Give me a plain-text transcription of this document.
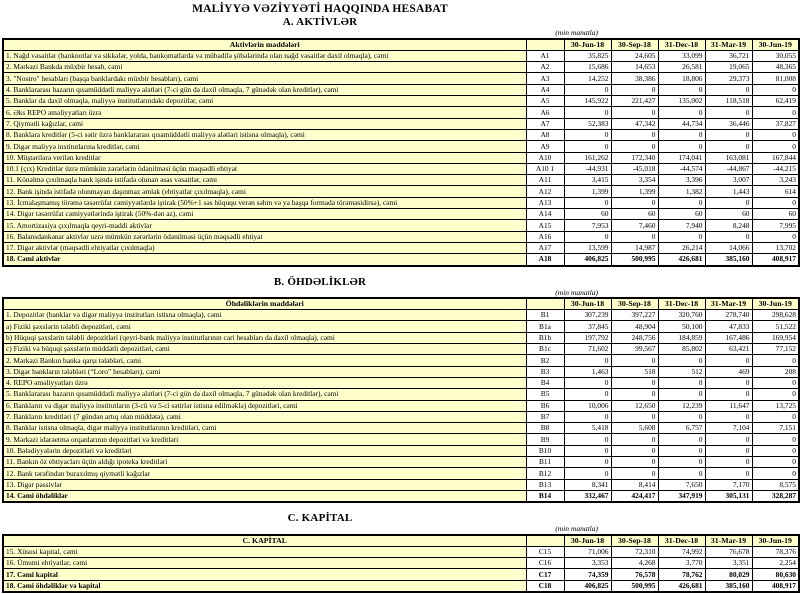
MALİYYƏ VƏZİYYƏTİ HAQQINDA HESABAT
A. AKTİVLƏR
(min manatla)
Aktivlərin maddələri		30-Jun-18	30-Sep-18	31-Dec-18	31-Mar-19	30-Jun-19
1. Nağd vəsaitlər (banknotlar və sikkələr, yolda, bankomatlarda və mübadilə şöbələrində olan nağd vəsaitlər daxil olmaqla), cəmi	A1	35,825	24,605	33,099	36,721	30,055
2. Mərkəzi Bankda müxbir hesab, cəmi	A2	15,686	14,653	26,581	19,065	48,365
3. "Nostro" hesabları (başqa banklardakı müxbir hesabları), cəmi	A3	14,252	38,386	18,806	29,373	81,008
4. Banklararası bazarın qısamüddətli maliyyə alətləri (7-ci gün də daxil olmaqla, 7 günədək olan kreditlər), cəmi	A4	0	0	0	0	0
5. Banklar da daxil olmaqla, maliyyə institutlarındakı depozitlər, cəmi	A5	145,922	221,427	135,002	118,518	62,419
6. Əks REPO əməliyyatları üzrə	A6	0	0	0	0	0
7. Qiymətli kağızlar, cəmi	A7	52,383	47,342	44,734	36,446	37,827
8. Banklara kreditlər (5-ci sətir üzrə banklararası qısamüddətli maliyyə alətləri istisna olmaqla), cəmi	A8	0	0	0	0	0
9. Digər maliyyə institutlarına kreditlər, cəmi	A9	0	0	0	0	0
10. Müştərilərə verilən kreditlər	A10	161,262	172,340	174,041	163,081	167,844
10.1 (çıx) Kreditlər üzrə mümkün zərərlərin ödənilməsi üçün məqsədli ehtiyat	A10 1	-44,931	-45,018	-44,574	-44,867	-44,215
11. Könəlmə çıxılmaqla bank işində istifadə olunan əsas vəsaitlər, cəmi	A11	3,415	3,354	3,396	3,007	3,243
12. Bank işində istifadə olunmayan daşınmaz əmlak (ehtiyatlar çıxılmaqla), cəmi	A12	1,399	1,399	1,382	1,443	614
13. İcmalaşmamış törəmə təsərrüfat cəmiyyətlərdə iştirak (50%+1 səs hüququ verən səhm və ya başqa formada törəməsidirsə), cəmi	A13	0	0	0	0	0
14. Digər təsərrüfat cəmiyyətlərində iştirak (50%-dən az), cəmi	A14	60	60	60	60	60
15. Amortizasiya çıxılmaqla qeyri-maddi aktivlər	A15	7,953	7,460	7,940	8,248	7,995
16. Balansdankənar aktivlər uzrə mümkün zərərlərin ödənilməsi üçün məqsədli ehtiyat	A16	0	0	0	0	0
17. Digər aktivlər (məqsədli ehtiyatlar çıxılmaqla)	A17	13,599	14,987	26,214	14,066	13,702
18. Cəmi aktivlər	A18	406,825	500,995	426,681	385,160	408,917
B. ÖHDƏLİKLƏR
(min manatla)
Öhdəliklərin maddələri		30-Jun-18	30-Sep-18	31-Dec-18	31-Mar-19	30-Jun-19
1. Depozitlər (banklar və digər maliyyə institutları istisna olmaqla), cəmi	B1	307,239	397,227	320,760	278,740	298,628
a) Fiziki şəxslərin tələbli depozitləri, cəmi	B1a	37,845	48,904	50,100	47,833	51,522
b) Hüquqi şəxslərin tələbli depozitləri (qeyri-bank maliyyə institutlarının cari hesabları da daxil olmaqla), cəmi	B1b	197,792	248,756	184,859	167,486	169,954
c) Fiziki və hüquqi şəxslərin müddətli depozitləri, cəmi	B1c	71,602	99,567	85,802	63,421	77,152
2. Mərkəzi Bankın banka qarşı tələbləri, cəmi	B2	0	0	0	0	0
3. Digər bankların tələbləri (“Loro” hesabları), cəmi	B3	1,463	518	512	469	208
4. REPO əməliyyatları üzrə	B4	0	0	0	0	0
5. Banklararası bazarın qısamüddətli maliyyə alətləri (7-ci gün də daxil olmaqla, 7 günədək olan kreditlər), cəmi	B5	0	0	0	0	0
6. Bankların və digər maliyyə institutların (3-cü və 5-ci sətirlər istisna edilməklə) depozitləri, cəmi	B6	10,006	12,650	12,239	11,647	13,725
7. Bankların kreditləri (7 gündən artıq olan müddətə), cəmi	B7	0	0	0	0	0
8. Banklar istisna olmaqla, digər maliyyə institutlarının kreditləri, cəmi	B8	5,418	5,608	6,757	7,104	7,151
9. Mərkəzi idarəetmə orqanlarının depozitləri və kreditləri	B9	0	0	0	0	0
10. Bələdiyyələrin depozitləri və kreditləri	B10	0	0	0	0	0
11. Bankın öz ehtiyacları üçün aldığı ipoteka kreditləri	B11	0	0	0	0	0
12. Bank tərəfindən buraxılmış qiymətli kağızlar	B12	0	0	0	0	0
13. Digər passivlər	B13	8,341	8,414	7,650	7,170	8,575
14. Cəmi öhdəliklər	B14	332,467	424,417	347,919	305,131	328,287
C. KAPİTAL
(min manatla)
C. KAPİTAL		30-Jun-18	30-Sep-18	31-Dec-18	31-Mar-19	30-Jun-19
15. Xüsusi kapital, cəmi	C15	71,006	72,310	74,992	76,678	78,376
16. Ümumi ehtiyatlar, cəmi	C16	3,353	4,268	3,770	3,351	2,254
17. Cəmi kapital	C17	74,359	76,578	78,762	80,029	80,630
18. Cəmi öhdəliklər və kapital	C18	406,825	500,995	426,681	385,160	408,917
